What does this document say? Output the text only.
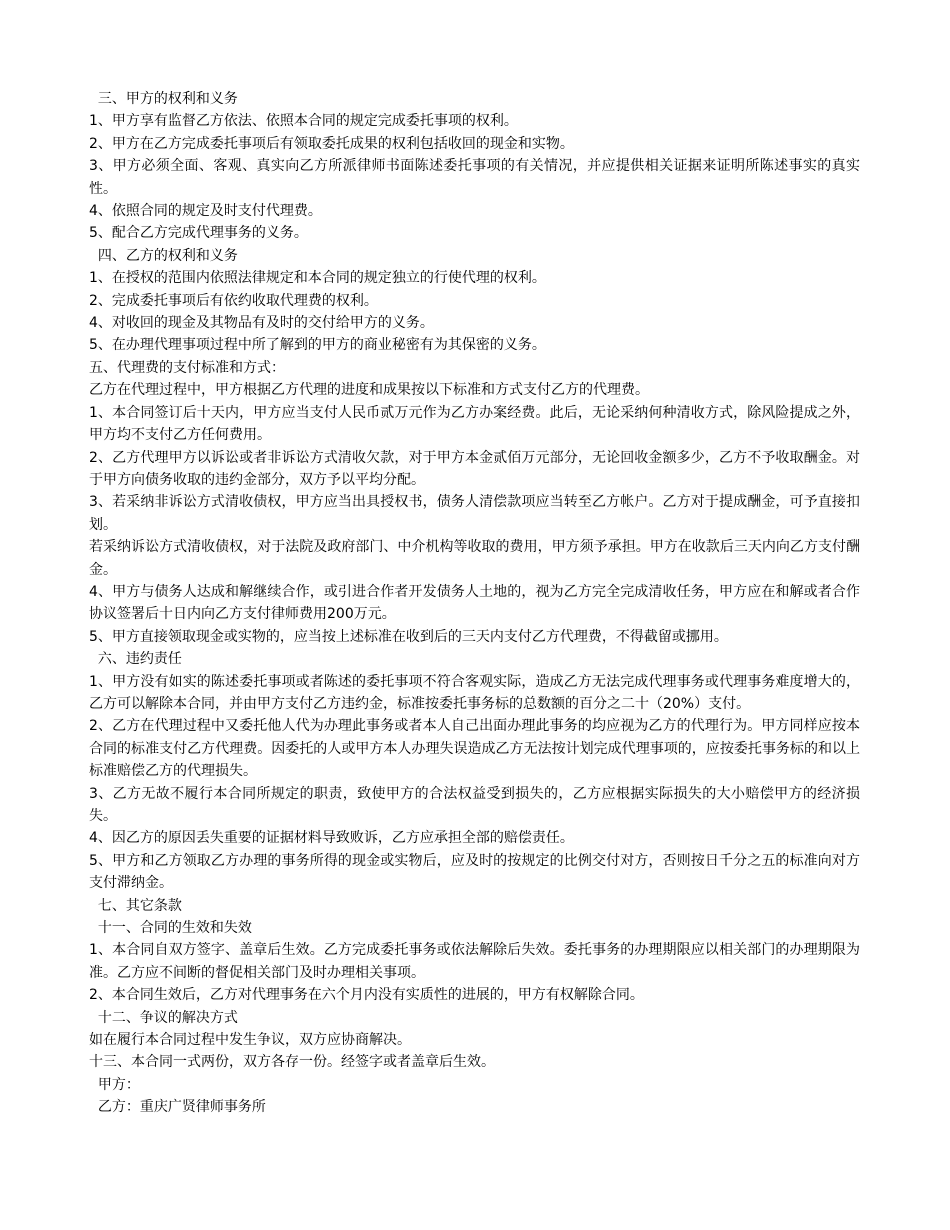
三、甲方的权利和义务

1、甲方享有监督乙方依法、依照本合同的规定完成委托事项的权利。

2、甲方在乙方完成委托事项后有领取委托成果的权利包括收回的现金和实物。

3、甲方必须全面、客观、真实向乙方所派律师书面陈述委托事项的有关情况，并应提供相关证据来证明所陈述事实的真实性。

4、依照合同的规定及时支付代理费。

5、配合乙方完成代理事务的义务。

四、乙方的权利和义务

1、在授权的范围内依照法律规定和本合同的规定独立的行使代理的权利。

2、完成委托事项后有依约收取代理费的权利。

4、对收回的现金及其物品有及时的交付给甲方的义务。

5、在办理代理事项过程中所了解到的甲方的商业秘密有为其保密的义务。

五、代理费的支付标准和方式：

乙方在代理过程中，甲方根据乙方代理的进度和成果按以下标准和方式支付乙方的代理费。

1、本合同签订后十天内，甲方应当支付人民币贰万元作为乙方办案经费。此后，无论采纳何种清收方式，除风险提成之外，甲方均不支付乙方任何费用。

2、乙方代理甲方以诉讼或者非诉讼方式清收欠款，对于甲方本金贰佰万元部分，无论回收金额多少，乙方不予收取酬金。对于甲方向债务收取的违约金部分，双方予以平均分配。

3、若采纳非诉讼方式清收债权，甲方应当出具授权书，债务人清偿款项应当转至乙方帐户。乙方对于提成酬金，可予直接扣划。

若采纳诉讼方式清收债权，对于法院及政府部门、中介机构等收取的费用，甲方须予承担。甲方在收款后三天内向乙方支付酬金。

4、甲方与债务人达成和解继续合作，或引进合作者开发债务人土地的，视为乙方完全完成清收任务，甲方应在和解或者合作协议签署后十日内向乙方支付律师费用200万元。

5、甲方直接领取现金或实物的，应当按上述标准在收到后的三天内支付乙方代理费，不得截留或挪用。

六、违约责任

1、甲方没有如实的陈述委托事项或者陈述的委托事项不符合客观实际，造成乙方无法完成代理事务或代理事务难度增大的，乙方可以解除本合同，并由甲方支付乙方违约金，标准按委托事务标的总数额的百分之二十（20%）支付。

2、乙方在代理过程中又委托他人代为办理此事务或者本人自己出面办理此事务的均应视为乙方的代理行为。甲方同样应按本合同的标准支付乙方代理费。因委托的人或甲方本人办理失误造成乙方无法按计划完成代理事项的，应按委托事务标的和以上标准赔偿乙方的代理损失。

3、乙方无故不履行本合同所规定的职责，致使甲方的合法权益受到损失的，乙方应根据实际损失的大小赔偿甲方的经济损失。

4、因乙方的原因丢失重要的证据材料导致败诉，乙方应承担全部的赔偿责任。

5、甲方和乙方领取乙方办理的事务所得的现金或实物后，应及时的按规定的比例交付对方，否则按日千分之五的标准向对方支付滞纳金。

七、其它条款

十一、合同的生效和失效

1、本合同自双方签字、盖章后生效。乙方完成委托事务或依法解除后失效。委托事务的办理期限应以相关部门的办理期限为准。乙方应不间断的督促相关部门及时办理相关事项。

2、本合同生效后，乙方对代理事务在六个月内没有实质性的进展的，甲方有权解除合同。

十二、争议的解决方式

如在履行本合同过程中发生争议，双方应协商解决。

十三、本合同一式两份，双方各存一份。经签字或者盖章后生效。

甲方：

乙方：重庆广贤律师事务所
